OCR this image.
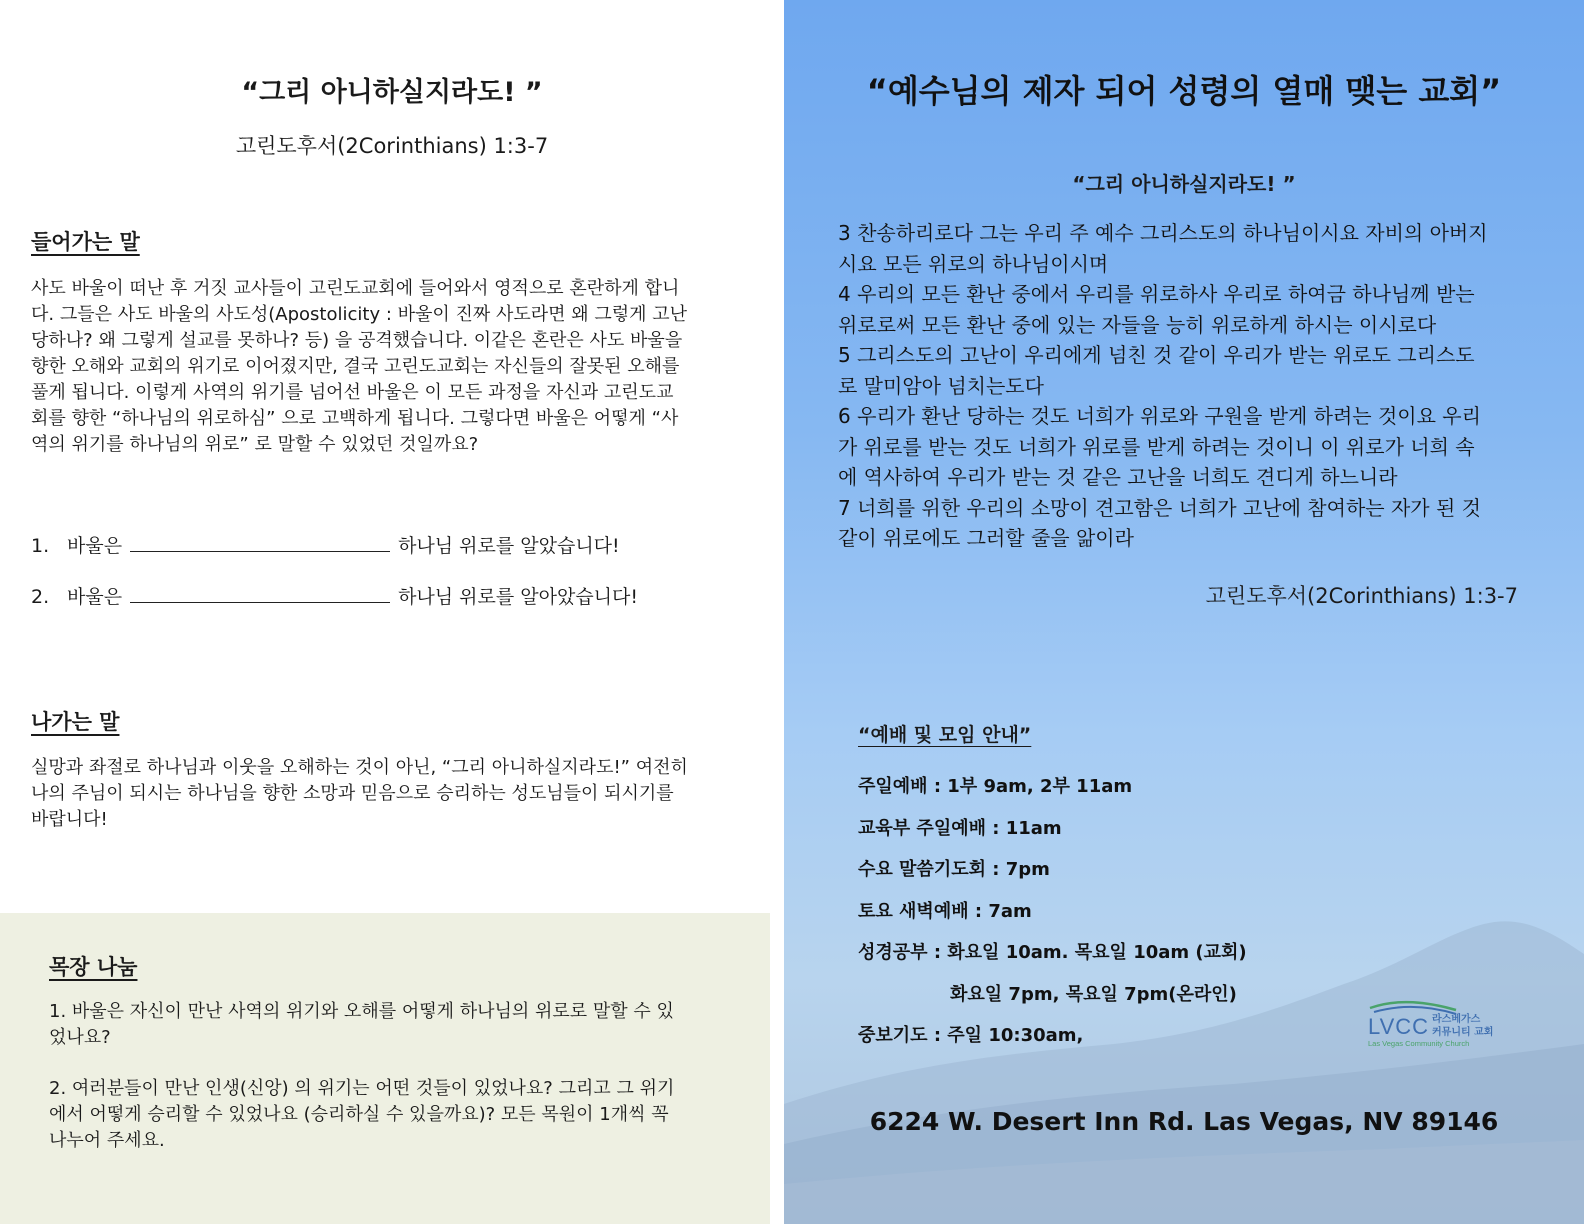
“그리 아니하실지라도! ”
고린도후서(2Corinthians) 1:3-7
들어가는 말
사도 바울이 떠난 후 거짓 교사들이 고린도교회에 들어와서 영적으로 혼란하게 합니
다. 그들은 사도 바울의 사도성(Apostolicity : 바울이 진짜 사도라면 왜 그렇게 고난
당하나? 왜 그렇게 설교를 못하나? 등) 을 공격했습니다. 이같은 혼란은 사도 바울을
향한 오해와 교회의 위기로 이어졌지만, 결국 고린도교회는 자신들의 잘못된 오해를
풀게 됩니다. 이렇게 사역의 위기를 넘어선 바울은 이 모든 과정을 자신과 고린도교
회를 향한 “하나님의 위로하심” 으로 고백하게 됩니다. 그렇다면 바울은 어떻게 “사
역의 위기를 하나님의 위로” 로 말할 수 있었던 것일까요?
1. 바울은	하나님 위로를 알았습니다!
2. 바울은	하나님 위로를 알아았습니다!
나가는 말
실망과 좌절로 하나님과 이웃을 오해하는 것이 아닌, “그리 아니하실지라도!” 여전히
나의 주님이 되시는 하나님을 향한 소망과 믿음으로 승리하는 성도님들이 되시기를
바랍니다!
목장 나눔
1. 바울은 자신이 만난 사역의 위기와 오해를 어떻게 하나님의 위로로 말할 수 있
었나요?
2. 여러분들이 만난 인생(신앙) 의 위기는 어떤 것들이 있었나요? 그리고 그 위기
에서 어떻게 승리할 수 있었나요 (승리하실 수 있을까요)? 모든 목원이 1개씩 꼭
나누어 주세요.
“예수님의 제자 되어 성령의 열매 맺는 교회”
“그리 아니하실지라도! ”
3 찬송하리로다 그는 우리 주 예수 그리스도의 하나님이시요 자비의 아버지
시요 모든 위로의 하나님이시며
4 우리의 모든 환난 중에서 우리를 위로하사 우리로 하여금 하나님께 받는
위로로써 모든 환난 중에 있는 자들을 능히 위로하게 하시는 이시로다
5 그리스도의 고난이 우리에게 넘친 것 같이 우리가 받는 위로도 그리스도
로 말미암아 넘치는도다
6 우리가 환난 당하는 것도 너희가 위로와 구원을 받게 하려는 것이요 우리
가 위로를 받는 것도 너희가 위로를 받게 하려는 것이니 이 위로가 너희 속
에 역사하여 우리가 받는 것 같은 고난을 너희도 견디게 하느니라
7 너희를 위한 우리의 소망이 견고함은 너희가 고난에 참여하는 자가 된 것
같이 위로에도 그러할 줄을 앎이라
고린도후서(2Corinthians) 1:3-7
“예배 및 모임 안내”
주일예배 : 1부 9am, 2부 11am
교육부 주일예배 : 11am
수요 말씀기도회 : 7pm
토요 새벽예배 : 7am
성경공부 : 화요일 10am. 목요일 10am (교회)
화요일 7pm, 목요일 7pm(온라인)
중보기도 : 주일 10:30am,	LVCC 라스베가스
커뮤니티 교회
Las Vegas Community Church
6224 W. Desert Inn Rd. Las Vegas, NV 89146
